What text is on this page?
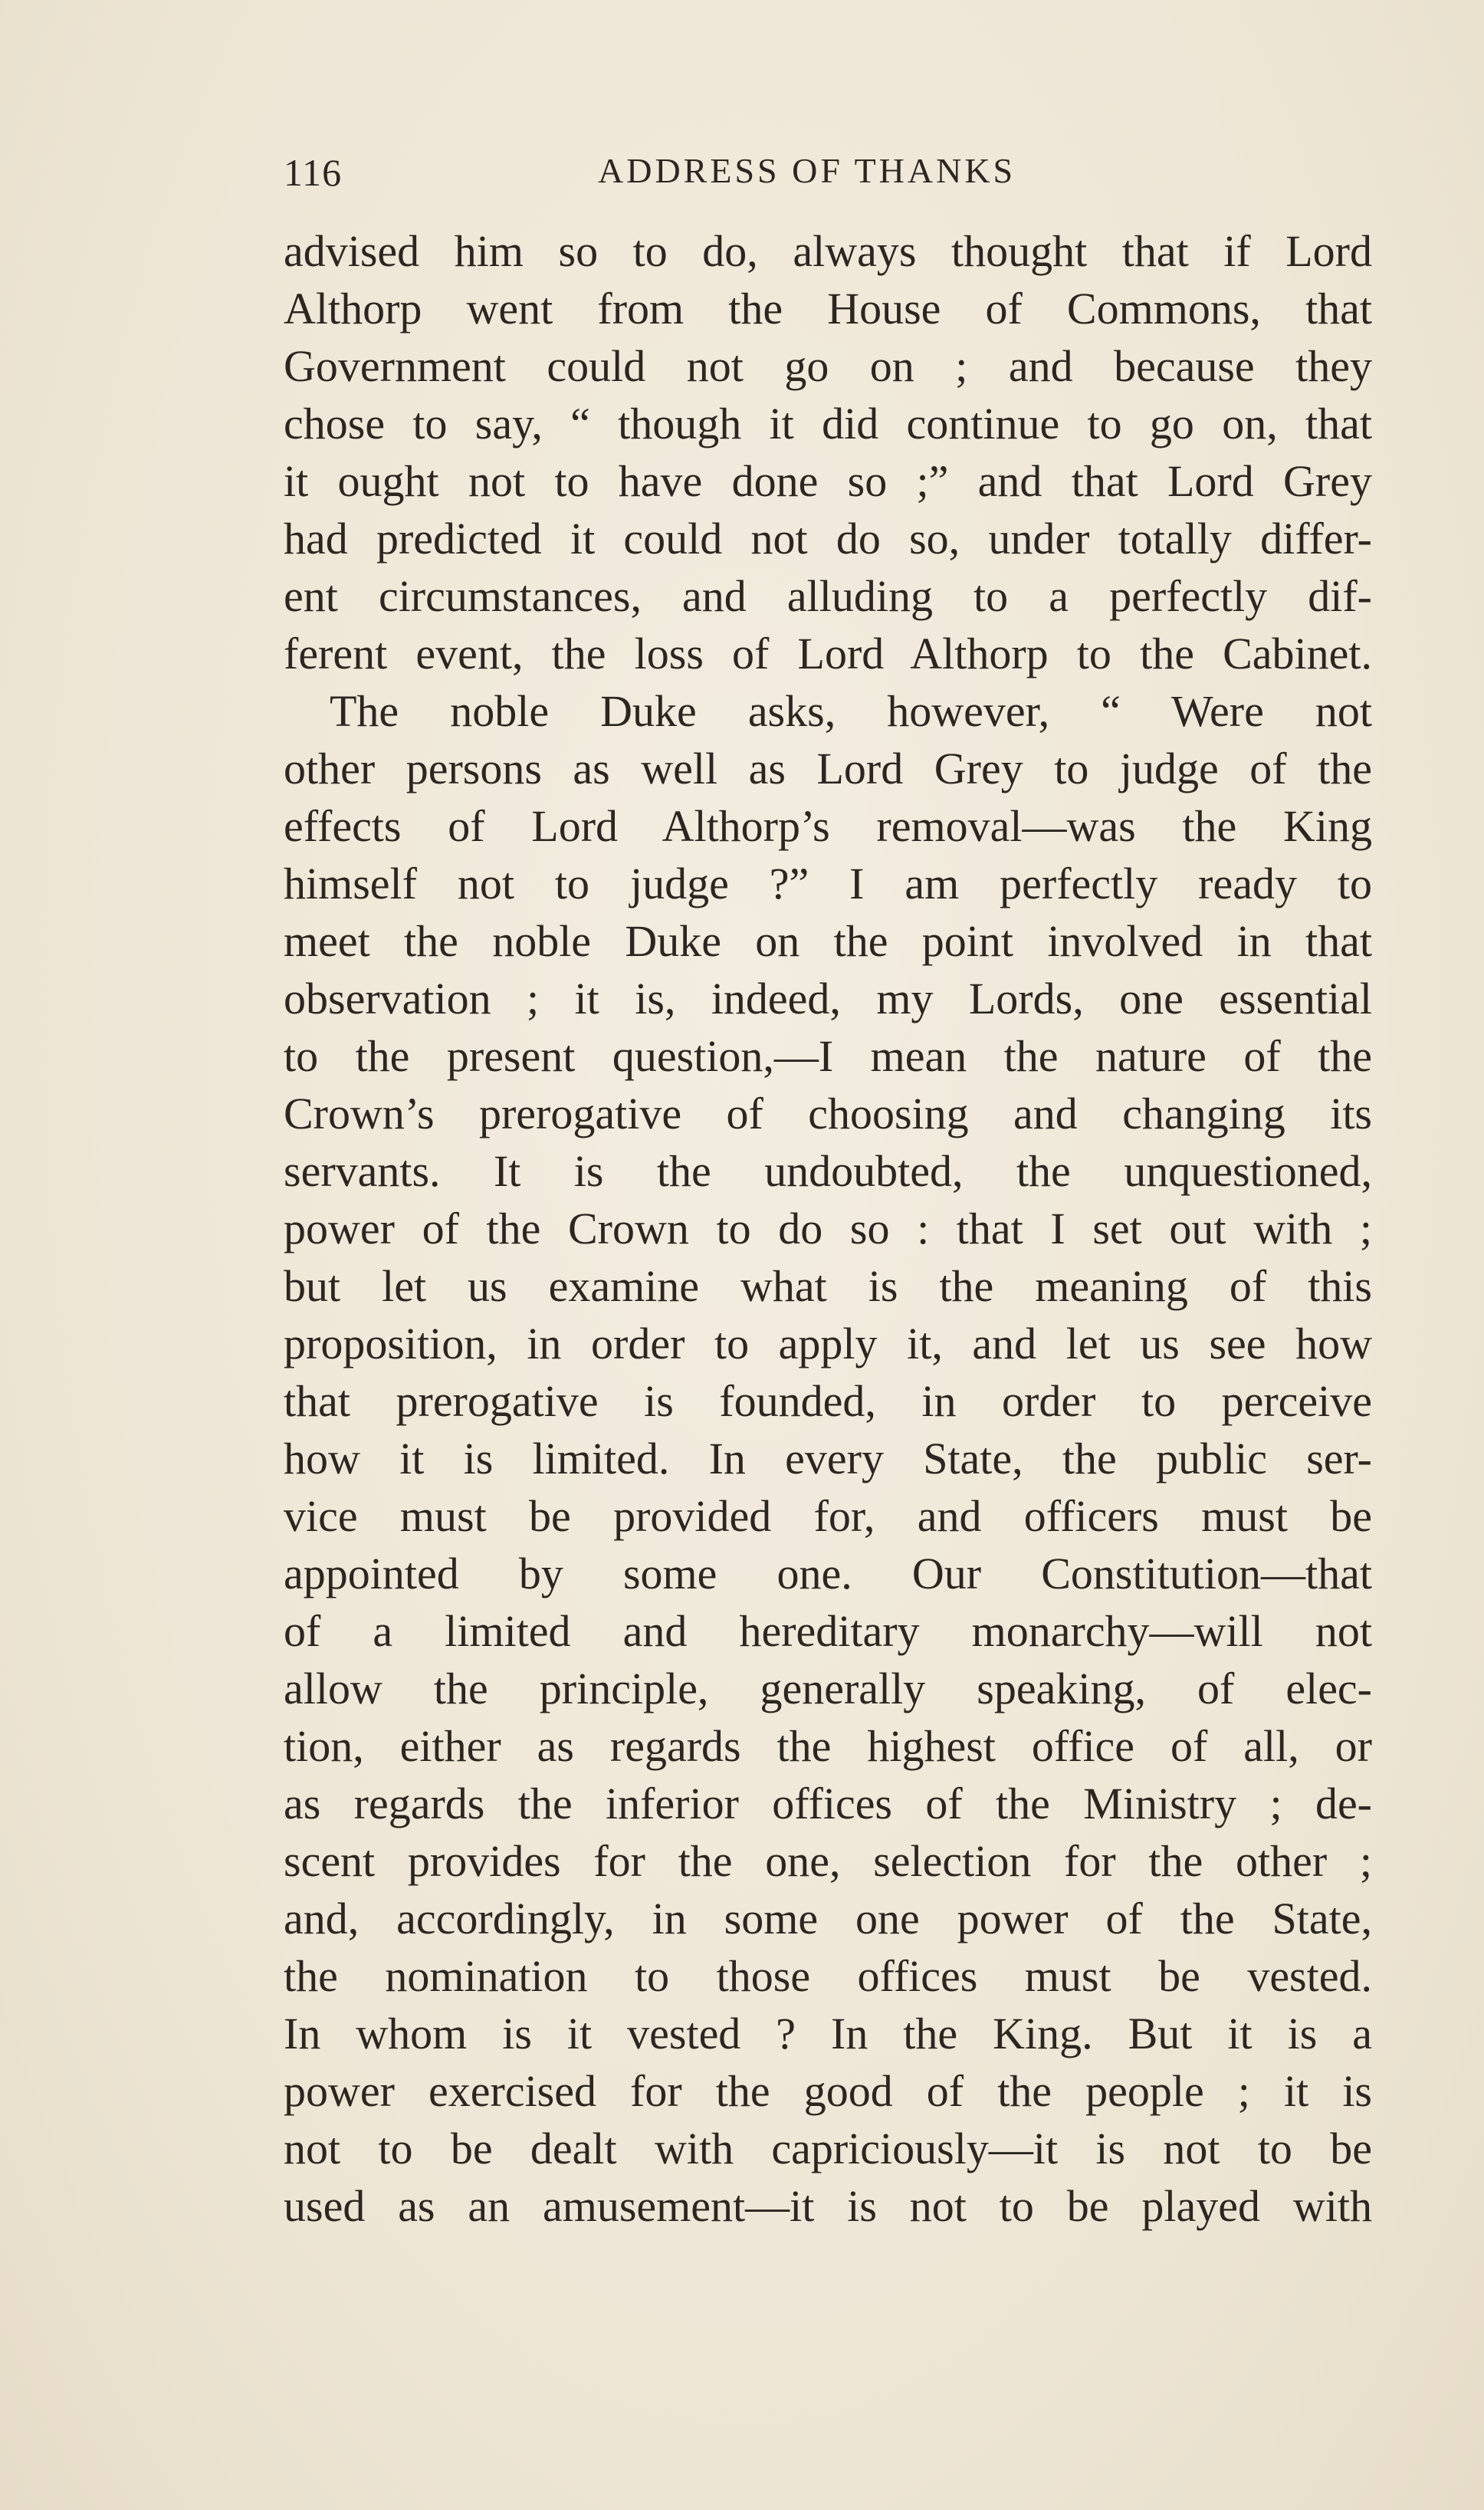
116	ADDRESS OF THANKS
advised him so to do, always thought that if Lord
Althorp went from the House of Commons, that
Government could not go on ; and because they
chose to say, “ though it did continue to go on, that
it ought not to have done so ;” and that Lord Grey
had predicted it could not do so, under totally differ-
ent circumstances, and alluding to a perfectly dif-
ferent event, the loss of Lord Althorp to the Cabinet.
The noble Duke asks, however, “ Were not
other persons as well as Lord Grey to judge of the
effects of Lord Althorp’s removal—was the King
himself not to judge ?” I am perfectly ready to
meet the noble Duke on the point involved in that
observation ; it is, indeed, my Lords, one essential
to the present question,—I mean the nature of the
Crown’s prerogative of choosing and changing its
servants. It is the undoubted, the unquestioned,
power of the Crown to do so : that I set out with ;
but let us examine what is the meaning of this
proposition, in order to apply it, and let us see how
that prerogative is founded, in order to perceive
how it is limited. In every State, the public ser-
vice must be provided for, and officers must be
appointed by some one. Our Constitution—that
of a limited and hereditary monarchy—will not
allow the principle, generally speaking, of elec-
tion, either as regards the highest office of all, or
as regards the inferior offices of the Ministry ; de-
scent provides for the one, selection for the other ;
and, accordingly, in some one power of the State,
the nomination to those offices must be vested.
In whom is it vested ? In the King. But it is a
power exercised for the good of the people ; it is
not to be dealt with capriciously—it is not to be
used as an amusement—it is not to be played with
